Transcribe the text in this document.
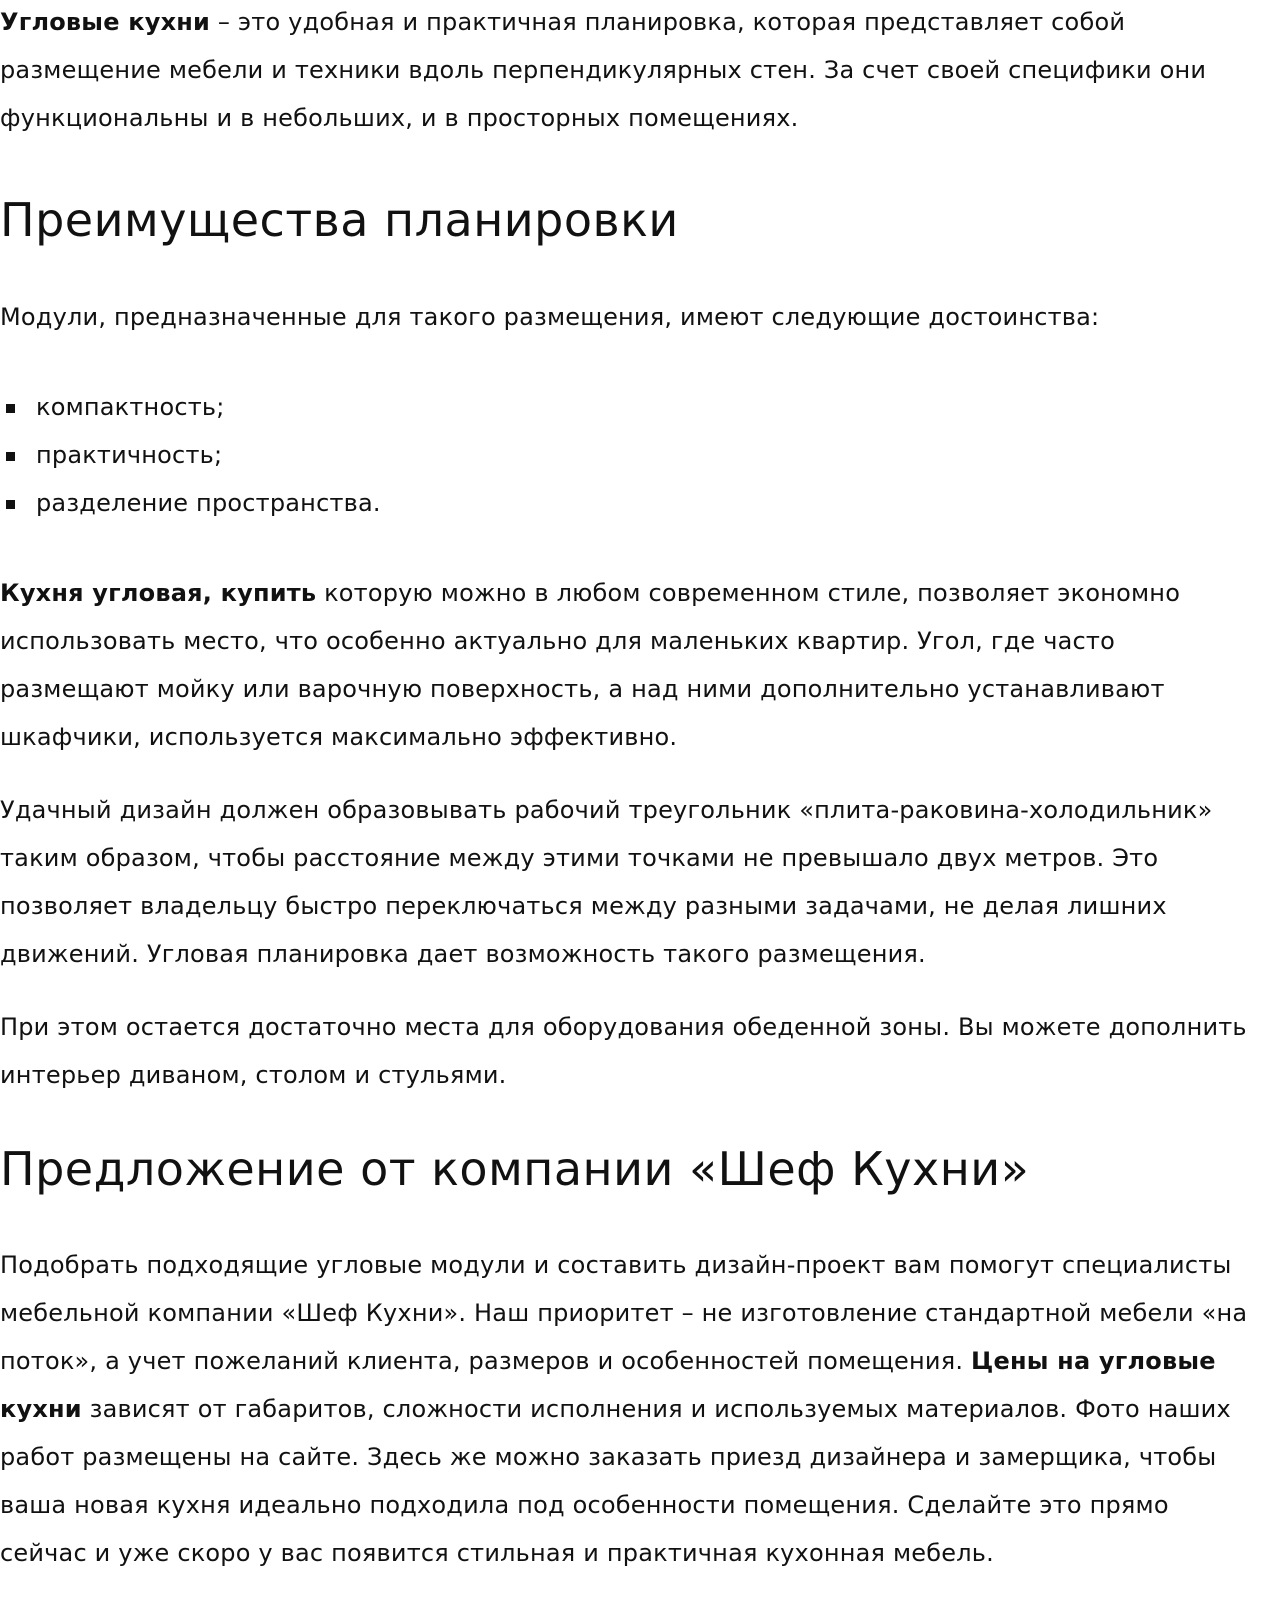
Угловые кухни – это удобная и практичная планировка, которая представляет собой размещение мебели и техники вдоль перпендикулярных стен. За счет своей специфики они функциональны и в небольших, и в просторных помещениях.

Преимущества планировки

Модули, предназначенные для такого размещения, имеют следующие достоинства:

компактность;
практичность;
разделение пространства.

Кухня угловая, купить которую можно в любом современном стиле, позволяет экономно использовать место, что особенно актуально для маленьких квартир. Угол, где часто размещают мойку или варочную поверхность, а над ними дополнительно устанавливают шкафчики, используется максимально эффективно.

Удачный дизайн должен образовывать рабочий треугольник «плита-раковина-холодильник» таким образом, чтобы расстояние между этими точками не превышало двух метров. Это позволяет владельцу быстро переключаться между разными задачами, не делая лишних движений. Угловая планировка дает возможность такого размещения.

При этом остается достаточно места для оборудования обеденной зоны. Вы можете дополнить интерьер диваном, столом и стульями.

Предложение от компании «Шеф Кухни»

Подобрать подходящие угловые модули и составить дизайн-проект вам помогут специалисты мебельной компании «Шеф Кухни». Наш приоритет – не изготовление стандартной мебели «на поток», а учет пожеланий клиента, размеров и особенностей помещения. Цены на угловые кухни зависят от габаритов, сложности исполнения и используемых материалов. Фото наших работ размещены на сайте. Здесь же можно заказать приезд дизайнера и замерщика, чтобы ваша новая кухня идеально подходила под особенности помещения. Сделайте это прямо сейчас и уже скоро у вас появится стильная и практичная кухонная мебель.
